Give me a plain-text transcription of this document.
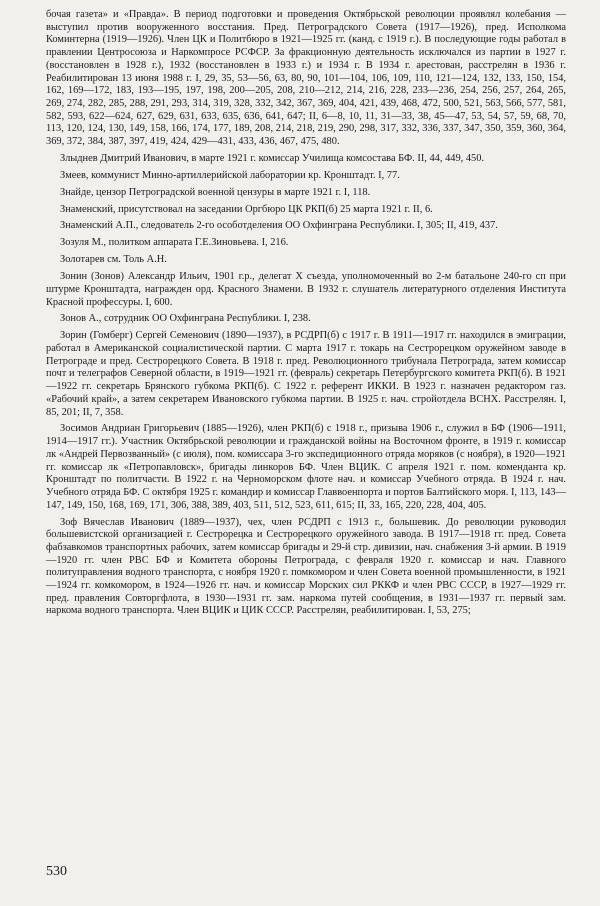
бочая газета» и «Правда». В период подготовки и проведения Октябрьской революции проявлял колебания — выступил против вооруженного восстания. Пред. Петроградского Совета (1917—1926), пред. Исполкома Коминтерна (1919—1926). Член ЦК и Политбюро в 1921—1925 гг. (канд. с 1919 г.). В последующие годы работал в правлении Центросоюза и Наркомпросе РСФСР. За фракционную деятельность исключался из партии в 1927 г. (восстановлен в 1928 г.), 1932 (восстановлен в 1933 г.) и 1934 г. В 1934 г. арестован, расстрелян в 1936 г. Реабилитирован 13 июня 1988 г. I, 29, 35, 53—56, 63, 80, 90, 101—104, 106, 109, 110, 121—124, 132, 133, 150, 154, 162, 169—172, 183, 193—195, 197, 198, 200—205, 208, 210—212, 214, 216, 228, 233—236, 254, 256, 257, 264, 265, 269, 274, 282, 285, 288, 291, 293, 314, 319, 328, 332, 342, 367, 369, 404, 421, 439, 468, 472, 500, 521, 563, 566, 577, 581, 582, 593, 622—624, 627, 629, 631, 633, 635, 636, 641, 647; II, 6—8, 10, 11, 31—33, 38, 45—47, 53, 54, 57, 59, 68, 70, 113, 120, 124, 130, 149, 158, 166, 174, 177, 189, 208, 214, 218, 219, 290, 298, 317, 332, 336, 337, 347, 350, 359, 360, 364, 369, 372, 384, 387, 397, 419, 424, 429—431, 433, 436, 467, 475, 480.

Злыднев Дмитрий Иванович, в марте 1921 г. комиссар Училища комсостава БФ. II, 44, 449, 450.

Змеев, коммунист Минно-артиллерийской лаборатории кр. Кронштадт. I, 77.

Знайде, цензор Петроградской военной цензуры в марте 1921 г. I, 118.

Знаменский, присутствовал на заседании Оргбюро ЦК РКП(б) 25 марта 1921 г. II, 6.

Знаменский А.П., следователь 2-го особотделения ОО Охфинграна Республики. I, 305; II, 419, 437.

Зозуля М., политком аппарата Г.Е.Зиновьева. I, 216.

Золотарев см. Толь А.Н.

Зонин (Зонов) Александр Ильич, 1901 г.р., делегат X съезда, уполномоченный во 2-м батальоне 240-го сп при штурме Кронштадта, награжден орд. Красного Знамени. В 1932 г. слушатель литературного отделения Института Красной профессуры. I, 600.

Зонов А., сотрудник ОО Охфинграна Республики. I, 238.

Зорин (Гомберг) Сергей Семенович (1890—1937), в РСДРП(б) с 1917 г. В 1911—1917 гг. находился в эмиграции, работал в Американской социалистической партии. С марта 1917 г. токарь на Сестрорецком оружейном заводе в Петрограде и пред. Сестрорецкого Совета. В 1918 г. пред. Революционного трибунала Петрограда, затем комиссар почт и телеграфов Северной области, в 1919—1921 гг. (февраль) секретарь Петербургского комитета РКП(б). В 1921—1922 гг. секретарь Брянского губкома РКП(б). С 1922 г. референт ИККИ. В 1923 г. назначен редактором газ. «Рабочий край», а затем секретарем Ивановского губкома партии. В 1925 г. нач. стройотдела ВСНХ. Расстрелян. I, 85, 201; II, 7, 358.

Зосимов Андриан Григорьевич (1885—1926), член РКП(б) с 1918 г., призыва 1906 г., служил в БФ (1906—1911, 1914—1917 гг.). Участник Октябрьской революции и гражданской войны на Восточном фронте, в 1919 г. комиссар лк «Андрей Первозванный» (с июля), пом. комиссара 3-го экспедиционного отряда моряков (с ноября), в 1920—1921 гг. комиссар лк «Петропавловск», бригады линкоров БФ. Член ВЦИК. С апреля 1921 г. пом. коменданта кр. Кронштадт по политчасти. В 1922 г. на Черноморском флоте нач. и комиссар Учебного отряда. В 1924 г. нач. Учебного отряда БФ. С октября 1925 г. командир и комиссар Главвоенпорта и портов Балтийского моря. I, 113, 143—147, 149, 150, 168, 169, 171, 306, 388, 389, 403, 511, 512, 523, 611, 615; II, 33, 165, 220, 228, 404, 405.

Зоф Вячеслав Иванович (1889—1937), чех, член РСДРП с 1913 г., большевик. До революции руководил большевистской организацией г. Сестрорецка и Сестрорецкого оружейного завода. В 1917—1918 гг. пред. Совета фабзавкомов транспортных рабочих, затем комиссар бригады и 29-й стр. дивизии, нач. снабжения 3-й армии. В 1919—1920 гг. член РВС БФ и Комитета обороны Петрограда, с февраля 1920 г. комиссар и нач. Главного политуправления водного транспорта, с ноября 1920 г. помкомором и член Совета военной промышленности, в 1921—1924 гг. комкомором, в 1924—1926 гг. нач. и комиссар Морских сил РККФ и член РВС СССР, в 1927—1929 гг. пред. правления Совторгфлота, в 1930—1931 гг. зам. наркома путей сообщения, в 1931—1937 гг. первый зам. наркома водного транспорта. Член ВЦИК и ЦИК СССР. Расстрелян, реабилитирован. I, 53, 275;

530
